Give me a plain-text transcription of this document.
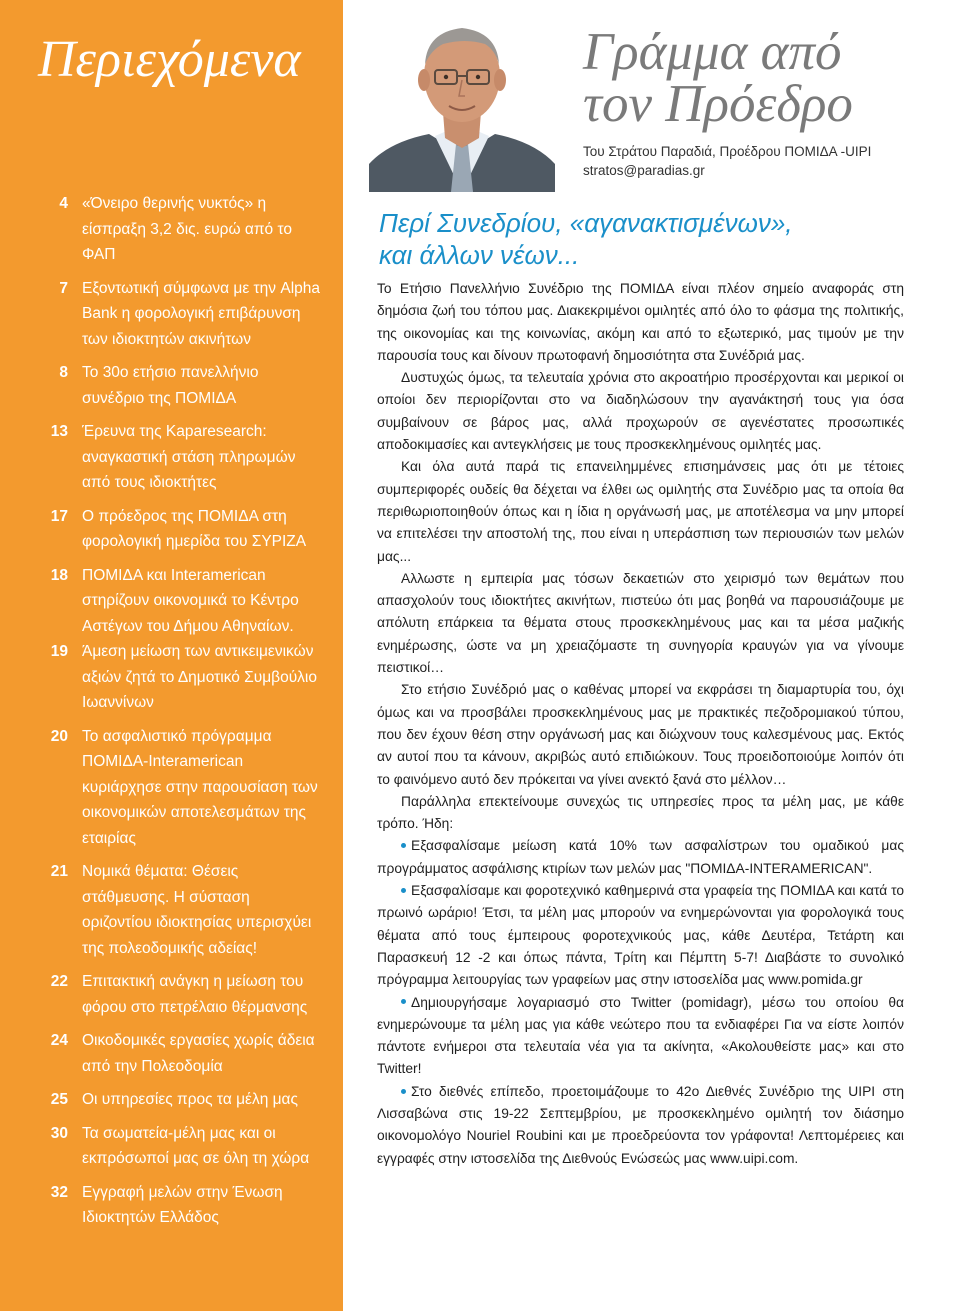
Περιεχόμενα
4 «Όνειρο θερινής νυκτός» η είσπραξη 3,2 δις. ευρώ από το ΦΑΠ
7 Εξοντωτική σύμφωνα με την Alpha Bank η φορολογική επιβάρυνση των ιδιοκτητών ακινήτων
8 Το 30ο ετήσιο πανελλήνιο συνέδριο της ΠΟΜΙΔΑ
13 Έρευνα της Kaparesearch: αναγκαστική στάση πληρωμών από τους ιδιοκτήτες
17 Ο πρόεδρος της ΠΟΜΙΔΑ στη φορολογική ημερίδα του ΣΥΡΙΖΑ
18 ΠΟΜΙΔΑ και Interamerican στηρίζουν οικονομικά το Κέντρο Αστέγων του Δήμου Αθηναίων.
19 Άμεση μείωση των αντικειμενικών αξιών ζητά το Δημοτικό Συμβούλιο Ιωαννίνων
20 Το ασφαλιστικό πρόγραμμα ΠΟΜΙΔΑ-Interamerican κυριάρχησε στην παρουσίαση των οικονομικών αποτελεσμάτων της εταιρίας
21 Νομικά θέματα: Θέσεις στάθμευσης. Η σύσταση οριζοντίου ιδιοκτησίας υπερισχύει της πολεοδομικής αδείας!
22 Επιτακτική ανάγκη η μείωση του φόρου στο πετρέλαιο θέρμανσης
24 Οικοδομικές εργασίες χωρίς άδεια από την Πολεοδομία
25 Οι υπηρεσίες προς τα μέλη μας
30 Τα σωματεία-μέλη μας και οι εκπρόσωποί μας σε όλη τη χώρα
32 Εγγραφή μελών στην Ένωση Ιδιοκτητών Ελλάδος
Γράμμα από
τον Πρόεδρο
Του Στράτου Παραδιά, Προέδρου ΠΟΜΙΔΑ -UIPI
stratos@paradias.gr
Περί Συνεδρίου, «αγανακτισμένων»,
και άλλων νέων...

Το Ετήσιο Πανελλήνιο Συνέδριο της ΠΟΜΙΔΑ είναι πλέον σημείο αναφοράς στη δημόσια ζωή του τόπου μας. Διακεκριμένοι ομιλητές από όλο το φάσμα της πολιτικής, της οικονομίας και της κοινωνίας, ακόμη και από το εξωτερικό, μας τιμούν με την παρουσία τους και δίνουν πρωτοφανή δημοσιότητα στα Συνέδριά μας.

Δυστυχώς όμως, τα τελευταία χρόνια στο ακροατήριο προσέρχονται και μερικοί οι οποίοι δεν περιορίζονται στο να διαδηλώσουν την αγανάκτησή τους για όσα συμβαίνουν σε βάρος μας, αλλά προχωρούν σε αγενέστατες προσωπικές αποδοκιμασίες και αντεγκλήσεις με τους προσκεκλημένους ομιλητές μας.

Και όλα αυτά παρά τις επανειλημμένες επισημάνσεις μας ότι με τέτοιες συμπεριφορές ουδείς θα δέχεται να έλθει ως ομιλητής στα Συνέδριο μας τα οποία θα περιθωριοποιηθούν όπως και η ίδια η οργάνωσή μας, με αποτέλεσμα να μην μπορεί να επιτελέσει την αποστολή της, που είναι η υπεράσπιση των περιουσιών των μελών μας...

Αλλωστε η εμπειρία μας τόσων δεκαετιών στο χειρισμό των θεμάτων που απασχολούν τους ιδιοκτήτες ακινήτων, πιστεύω ότι μας βοηθά να παρουσιάζουμε με απόλυτη επάρκεια τα θέματα στους προσκεκλημένους μας και τα μέσα μαζικής ενημέρωσης, ώστε να μη χρειαζόμαστε τη συνηγορία κραυγών για να γίνουμε πειστικοί…

Στο ετήσιο Συνέδριό μας ο καθένας μπορεί να εκφράσει τη διαμαρτυρία του, όχι όμως και να προσβάλει προσκεκλημένους μας με πρακτικές πεζοδρομιακού τύπου, που δεν έχουν θέση στην οργάνωσή μας και διώχνουν τους καλεσμένους μας. Εκτός αν αυτοί που τα κάνουν, ακριβώς αυτό επιδιώκουν. Τους προειδοποιούμε λοιπόν ότι το φαινόμενο αυτό δεν πρόκειται να γίνει ανεκτό ξανά στο μέλλον…

Παράλληλα επεκτείνουμε συνεχώς τις υπηρεσίες προς τα μέλη μας, με κάθε τρόπο. Ήδη:

Εξασφαλίσαμε μείωση κατά 10% των ασφαλίστρων του ομαδικού μας προγράμματος ασφάλισης κτιρίων των μελών μας "ΠΟΜΙΔΑ-INTERAMERICAN".

Εξασφαλίσαμε και φοροτεχνικό καθημερινά στα γραφεία της ΠΟΜΙΔΑ και κατά το πρωινό ωράριο! Έτσι, τα μέλη μας μπορούν να ενημερώνονται για φορολογικά τους θέματα από τους έμπειρους φοροτεχνικούς μας, κάθε Δευτέρα, Τετάρτη και Παρασκευή 12 -2 και όπως πάντα, Τρίτη και Πέμπτη 5-7! Διαβάστε το συνολικό πρόγραμμα λειτουργίας των γραφείων μας στην ιστοσελίδα μας www.pomida.gr

Δημιουργήσαμε λογαριασμό στο Twitter (pomidagr), μέσω του οποίου θα ενημερώνουμε τα μέλη μας για κάθε νεώτερο που τα ενδιαφέρει Για να είστε λοιπόν πάντοτε ενήμεροι στα τελευταία νέα για τα ακίνητα, «Ακολουθείστε μας» και στο Twitter!

Στο διεθνές επίπεδο, προετοιμάζουμε το 42ο Διεθνές Συνέδριο της UIPI στη Λισσαβώνα στις 19-22 Σεπτεμβρίου, με προσκεκλημένο ομιλητή τον διάσημο οικονομολόγο Nouriel Roubini και με προεδρεύοντα τον γράφοντα! Λεπτομέρειες και εγγραφές στην ιστοσελίδα της Διεθνούς Ενώσεώς μας www.uipi.com.
